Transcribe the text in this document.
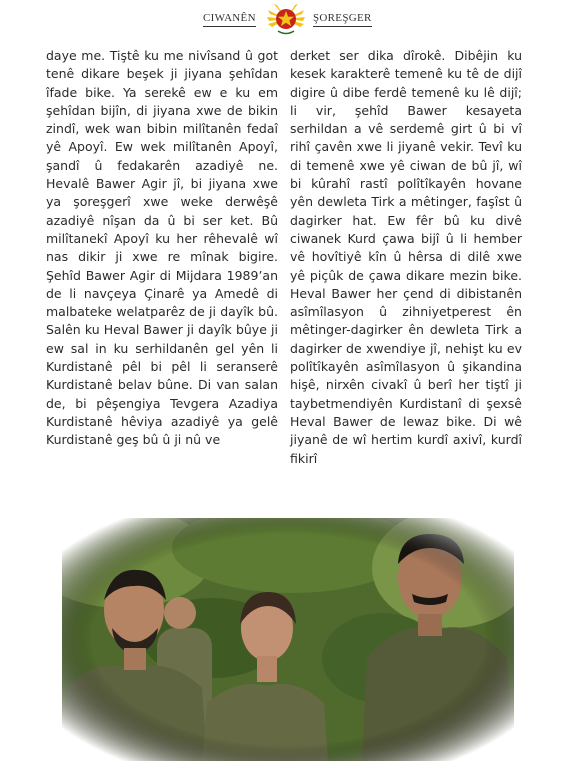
CIWANÊN	ŞOREŞGER

daye me. Tiştê ku me nivîsand û got tenê dikare beşek ji jiyana şehîdan îfade bike. Ya serekê ew e ku em şehîdan bijîn, di jiyana xwe de bikin zindî, wek wan bibin milîtanên fedaî yê Apoyî. Ew wek milîtanên Apoyî, şandî û fedakarên azadiyê ne. Hevalê Bawer Agir jî, bi jiyana xwe ya şoreşgerî xwe weke derwêşê azadiyê nîşan da û bi ser ket. Bû milîtanekî Apoyî ku her rêhevalê wî nas dikir ji xwe re mînak bigire. Şehîd Bawer Agir di Mijdara 1989’an de li navçeya Çinarê ya Amedê di malbateke welatparêz de ji dayîk bû. Salên ku Heval Bawer ji dayîk bûye ji ew sal in ku serhildanên gel yên li Kurdistanê pêl bi pêl li seranserê Kurdistanê belav bûne. Di van salan de, bi pêşengiya Tevgera Azadiya Kurdistanê hêviya azadiyê ya gelê Kurdistanê geş bû û ji nû ve

derket ser dika dîrokê. Dibêjin ku kesek karakterê temenê ku tê de dijî digire û dibe ferdê temenê ku lê dijî; li vir, şehîd Bawer kesayeta serhildan a vê serdemê girt û bi vî rihî çavên xwe li jiyanê vekir. Tevî ku di temenê xwe yê ciwan de bû jî, wî bi kûrahî rastî polîtîkayên hovane yên dewleta Tirk a mêtinger, faşîst û dagirker hat. Ew fêr bû ku divê ciwanek Kurd çawa bijî û li hember vê hovîtiyê kîn û hêrsa di dilê xwe yê piçûk de çawa dikare mezin bike. Heval Bawer her çend di dibistanên asîmîlasyon û zihniyetperest ên mêtinger-dagirker ên dewleta Tirk a dagirker de xwendiye jî, nehişt ku ev polîtîkayên asîmîlasyon û şikandina hişê, nirxên civakî û berî her tiştî ji taybetmendiyên Kurdistanî di şexsê Heval Bawer de lewaz bike. Di wê jiyanê de wî hertim kurdî axivî, kurdî fikirî
